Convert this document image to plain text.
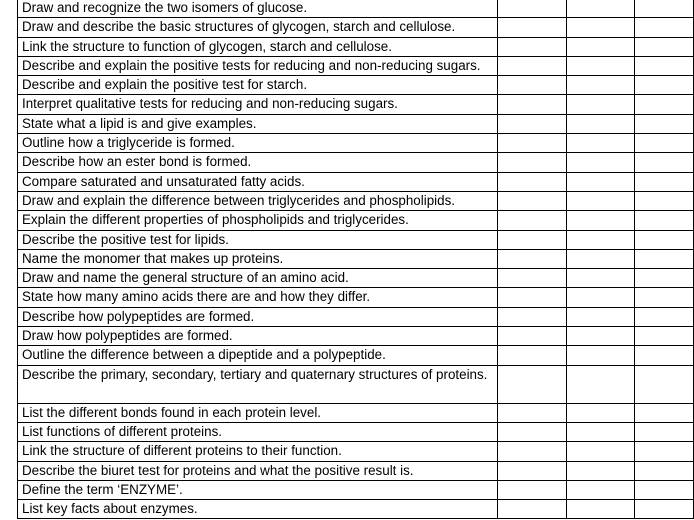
Draw and recognize the two isomers of glucose.			
Draw and describe the basic structures of glycogen, starch and cellulose.			
Link the structure to function of glycogen, starch and cellulose.			
Describe and explain the positive tests for reducing and non-reducing sugars.			
Describe and explain the positive test for starch.			
Interpret qualitative tests for reducing and non-reducing sugars.			
State what a lipid is and give examples.			
Outline how a triglyceride is formed.			
Describe how an ester bond is formed.			
Compare saturated and unsaturated fatty acids.			
Draw and explain the difference between triglycerides and phospholipids.			
Explain the different properties of phospholipids and triglycerides.			
Describe the positive test for lipids.			
Name the monomer that makes up proteins.			
Draw and name the general structure of an amino acid.			
State how many amino acids there are and how they differ.			
Describe how polypeptides are formed.			
Draw how polypeptides are formed.			
Outline the difference between a dipeptide and a polypeptide.			
Describe the primary, secondary, tertiary and quaternary structures of proteins.			
List the different bonds found in each protein level.			
List functions of different proteins.			
Link the structure of different proteins to their function.			
Describe the biuret test for proteins and what the positive result is.			
Define the term ‘ENZYME’.			
List key facts about enzymes.			
